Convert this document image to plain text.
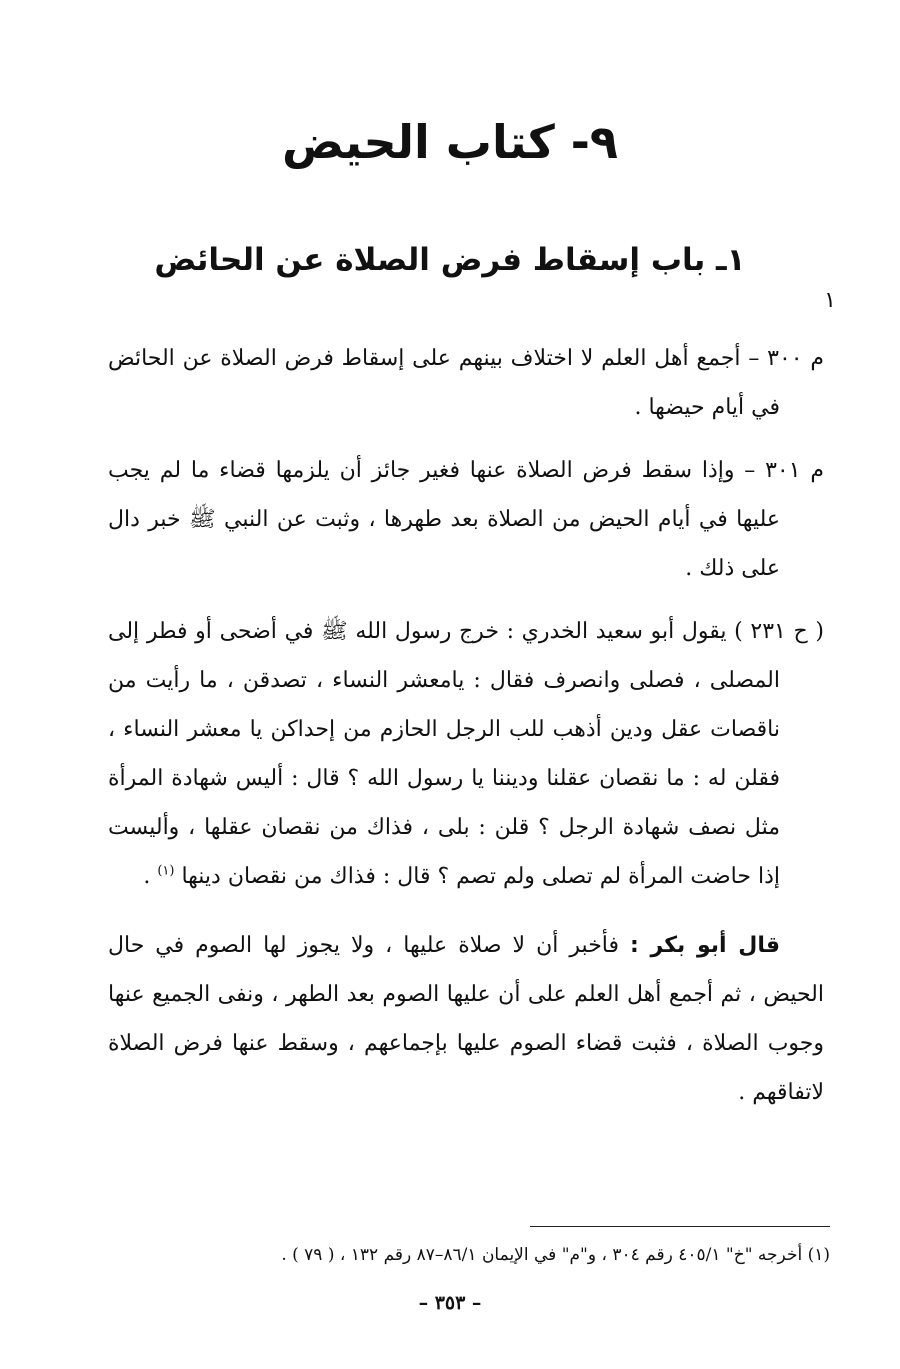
٩- كتاب الحيض
١ـ باب إسقاط فرض الصلاة عن الحائض
١

م ٣٠٠ – أجمع أهل العلم لا اختلاف بينهم على إسقاط فرض الصلاة عن الحائض في أيام حيضها .

م ٣٠١ – وإذا سقط فرض الصلاة عنها فغير جائز أن يلزمها قضاء ما لم يجب عليها في أيام الحيض من الصلاة بعد طهرها ، وثبت عن النبي ﷺ خبر دال على ذلك .

( ح ٢٣١ ) يقول أبو سعيد الخدري : خرج رسول الله ﷺ في أضحى أو فطر إلى المصلى ، فصلى وانصرف فقال : يامعشر النساء ، تصدقن ، ما رأيت من ناقصات عقل ودين أذهب للب الرجل الحازم من إحداكن يا معشر النساء ، فقلن له : ما نقصان عقلنا وديننا يا رسول الله ؟ قال : أليس شهادة المرأة مثل نصف شهادة الرجل ؟ قلن : بلى ، فذاك من نقصان عقلها ، وأليست إذا حاضت المرأة لم تصلى ولم تصم ؟ قال : فذاك من نقصان دينها $^{(١)}$ .

قال أبو بكر : فأخبر أن لا صلاة عليها ، ولا يجوز لها الصوم في حال الحيض ، ثم أجمع أهل العلم على أن عليها الصوم بعد الطهر ، ونفى الجميع عنها وجوب الصلاة ، فثبت قضاء الصوم عليها بإجماعهم ، وسقط عنها فرض الصلاة لاتفاقهم .

(١) أخرجه "خ" ٤٠٥/١ رقم ٣٠٤ ، و"م" في الإيمان ٨٦/١–٨٧ رقم ١٣٢ ، ( ٧٩ ) .

– ٣٥٣ –
